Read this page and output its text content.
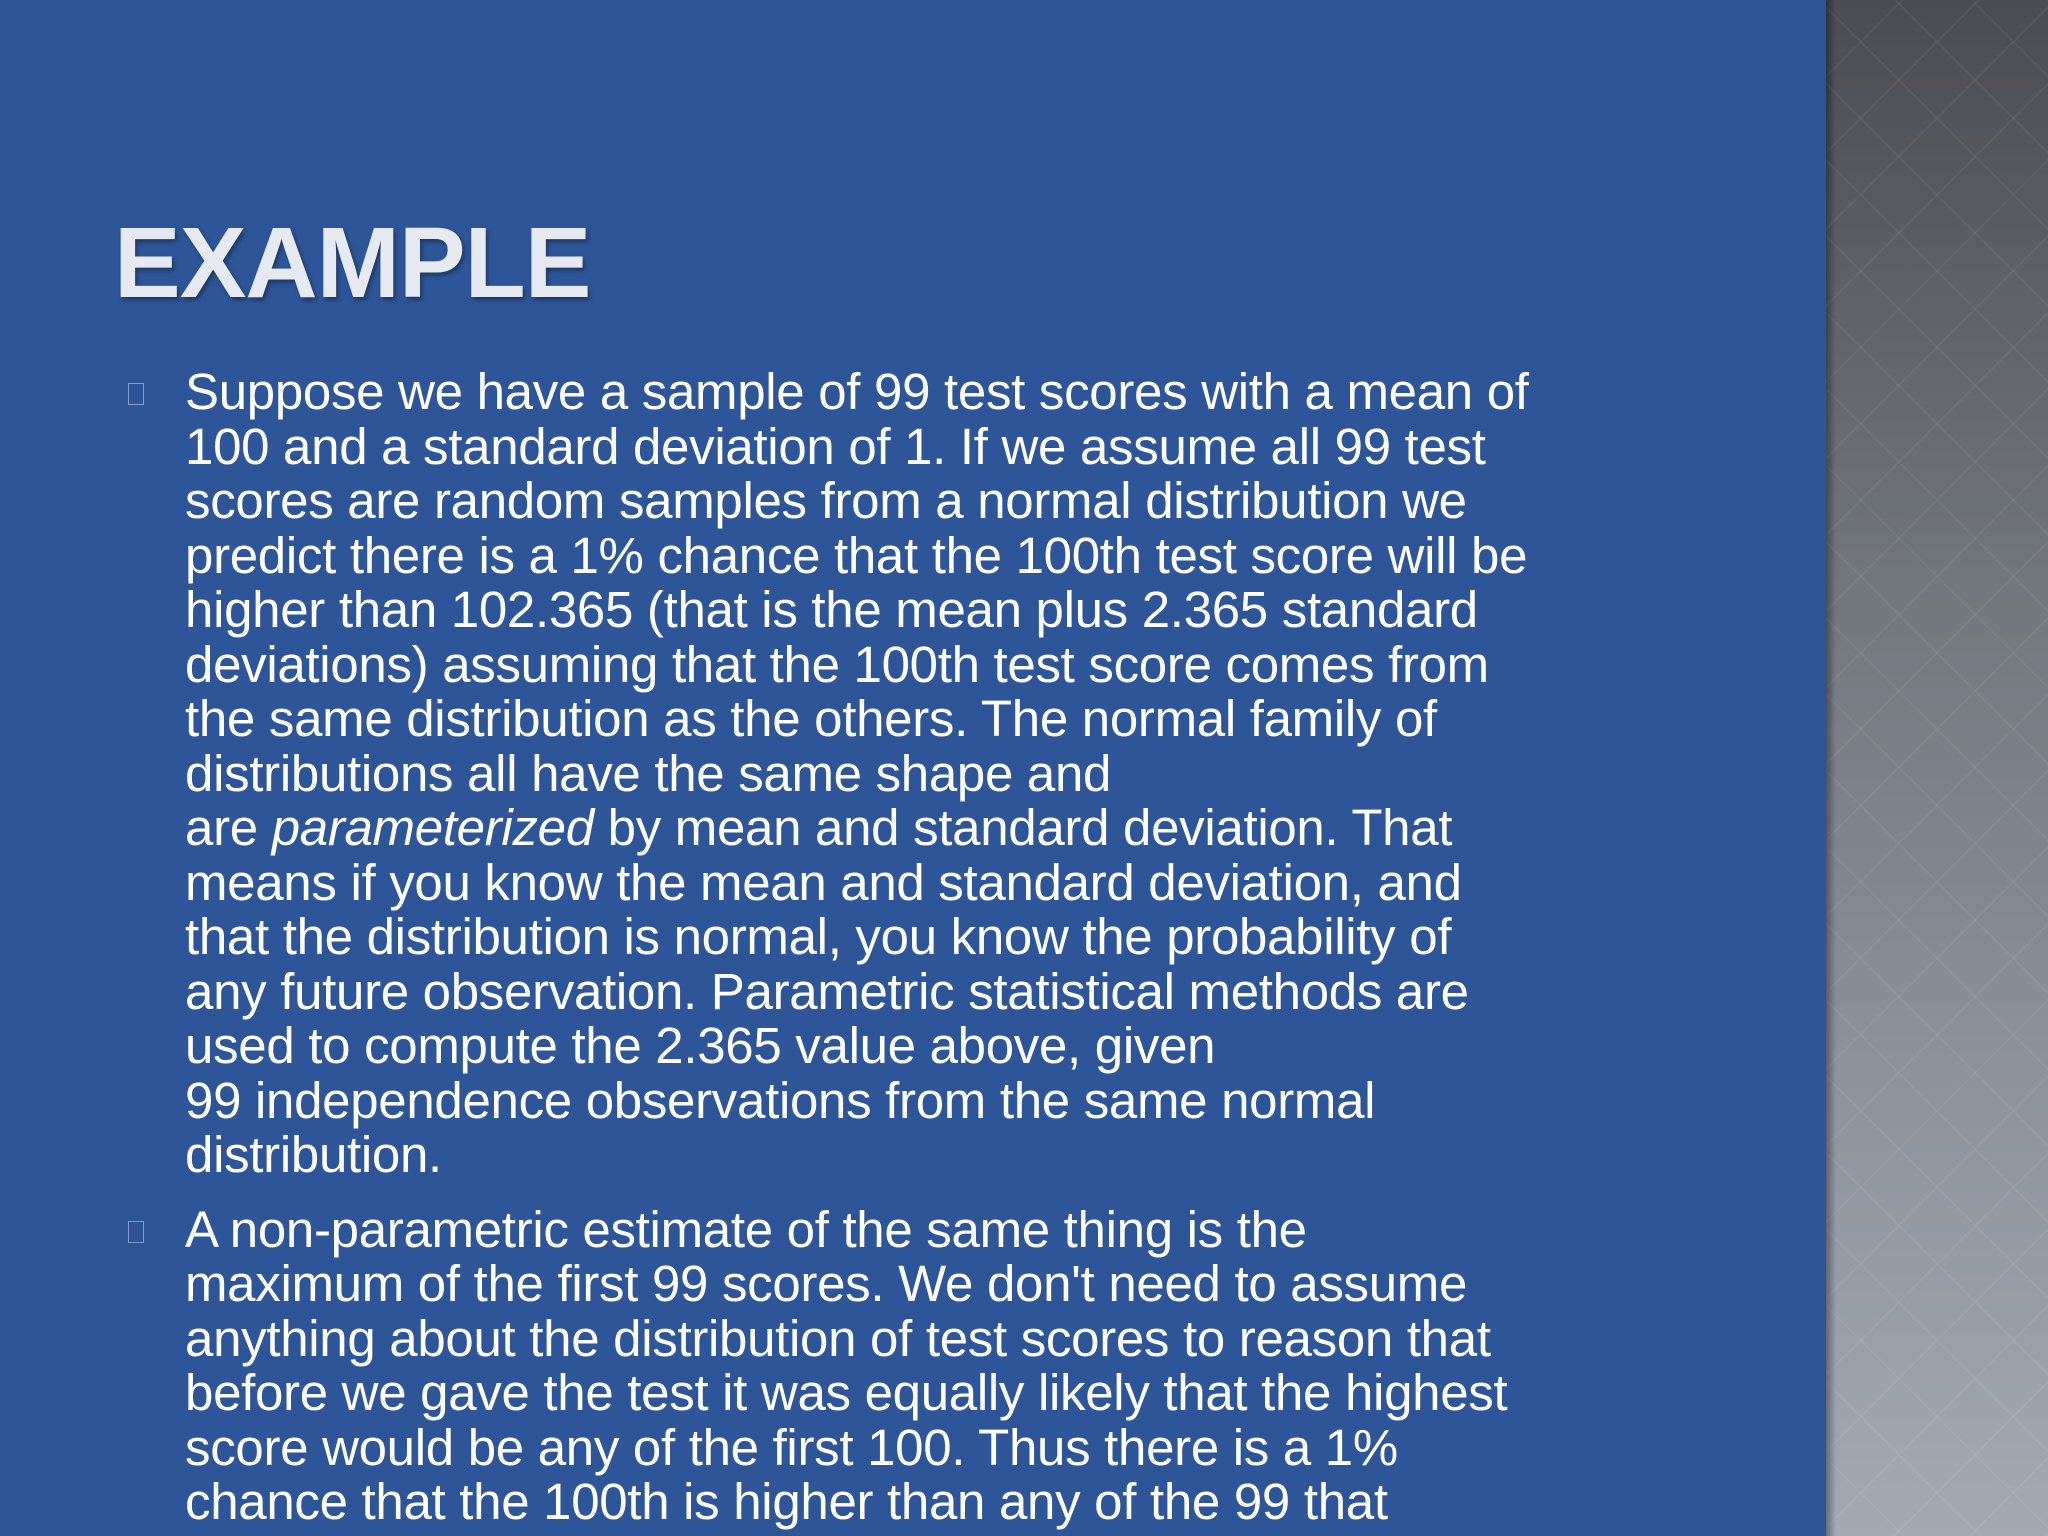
EXAMPLE
Suppose we have a sample of 99 test scores with a mean of
100 and a standard deviation of 1. If we assume all 99 test
scores are random samples from a normal distribution we
predict there is a 1% chance that the 100th test score will be
higher than 102.365 (that is the mean plus 2.365 standard
deviations) assuming that the 100th test score comes from
the same distribution as the others. The normal family of
distributions all have the same shape and
are parameterized by mean and standard deviation. That
means if you know the mean and standard deviation, and
that the distribution is normal, you know the probability of
any future observation. Parametric statistical methods are
used to compute the 2.365 value above, given
99 independence observations from the same normal
distribution.
A non-parametric estimate of the same thing is the
maximum of the first 99 scores. We don't need to assume
anything about the distribution of test scores to reason that
before we gave the test it was equally likely that the highest
score would be any of the first 100. Thus there is a 1%
chance that the 100th is higher than any of the 99 that
